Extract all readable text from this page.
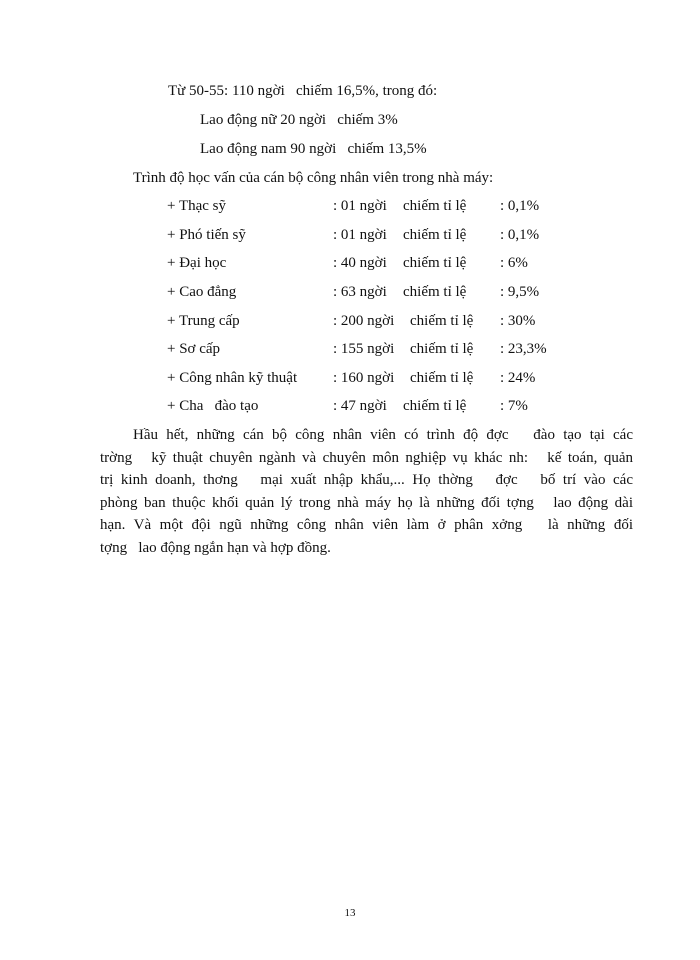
Từ 50-55: 110 ngời   chiếm 16,5%, trong đó:
Lao động nữ 20 ngời   chiếm 3%
Lao động nam 90 ngời   chiếm 13,5%
Trình độ học vấn của cán bộ công nhân viên trong nhà máy:
+ Thạc sỹ	: 01 ngời chiếm tỉ lệ : 0,1%
+ Phó tiến sỹ	: 01 ngời chiếm tỉ lệ : 0,1%
+ Đại học	: 40 ngời chiếm tỉ lệ : 6%
+ Cao đẳng	: 63 ngời chiếm tỉ lệ : 9,5%
+ Trung cấp	: 200 ngời chiếm tỉ lệ : 30%
+ Sơ cấp	: 155 ngời chiếm tỉ lệ : 23,3%
+ Công nhân kỹ thuật : 160 ngời chiếm tỉ lệ : 24%
+ Cha   đào tạo	: 47 ngời chiếm tỉ lệ : 7%
Hầu hết, những cán bộ công nhân viên có trình độ đợc   đào tạo tại các
trờng   kỹ thuật chuyên ngành và chuyên môn nghiệp vụ khác nh:   kế toán, quản
trị kinh doanh, thơng   mại xuất nhập khẩu,... Họ thờng   đợc   bố trí vào các
phòng ban thuộc khối quản lý trong nhà máy họ là những đối tợng   lao động dài
hạn. Và một đội ngũ những công nhân viên làm ở phân xởng   là những đối
tợng   lao động ngắn hạn và hợp đồng.
13
